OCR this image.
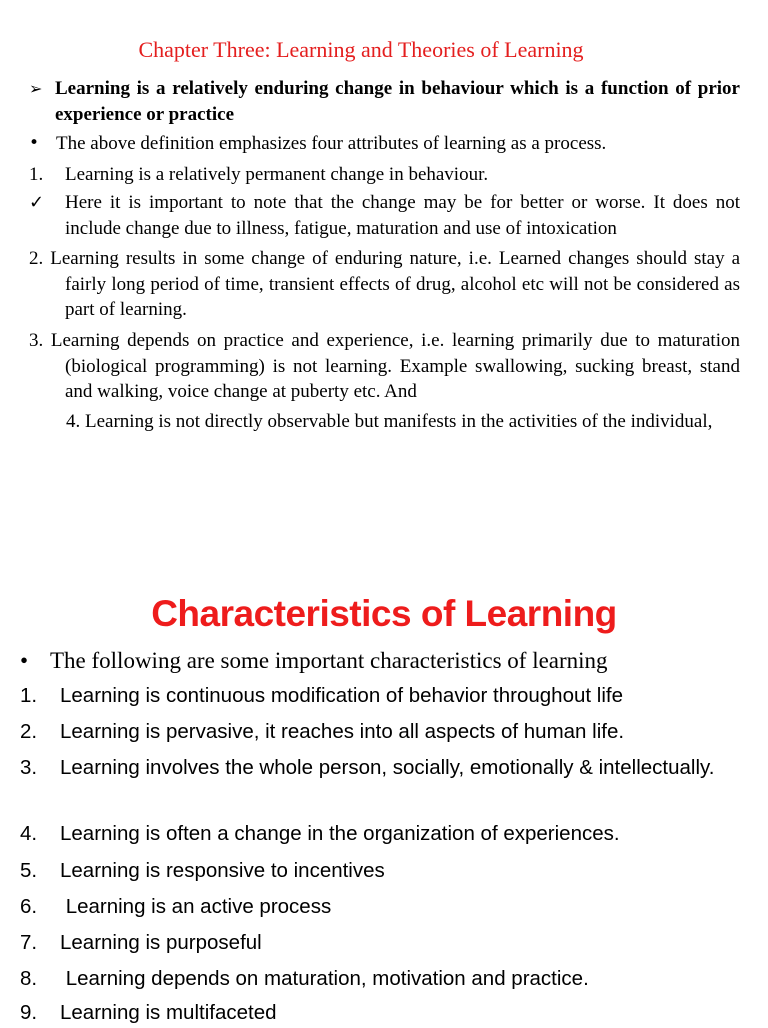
Chapter Three: Learning and Theories of Learning
➢ Learning is a relatively enduring change in behaviour which is a function of prior experience or practice
• The above definition emphasizes four attributes of learning as a process.
1. Learning is a relatively permanent change in behaviour.
✓ Here it is important to note that the change may be for better or worse. It does not include change due to illness, fatigue, maturation and use of intoxication
2. Learning results in some change of enduring nature, i.e. Learned changes should stay a fairly long period of time, transient effects of drug, alcohol etc will not be considered as part of learning.
3. Learning depends on practice and experience, i.e. learning primarily due to maturation (biological programming) is not learning. Example swallowing, sucking breast, stand and walking, voice change at puberty etc. And
4. Learning is not directly observable but manifests in the activities of the individual,
Characteristics of Learning
• The following are some important characteristics of learning
1. Learning is continuous modification of behavior throughout life
2. Learning is pervasive, it reaches into all aspects of human life.
3. Learning involves the whole person, socially, emotionally & intellectually.
4. Learning is often a change in the organization of experiences.
5. Learning is responsive to incentives
6. Learning is an active process
7. Learning is purposeful
8. Learning depends on maturation, motivation and practice.
9. Learning is multifaceted
